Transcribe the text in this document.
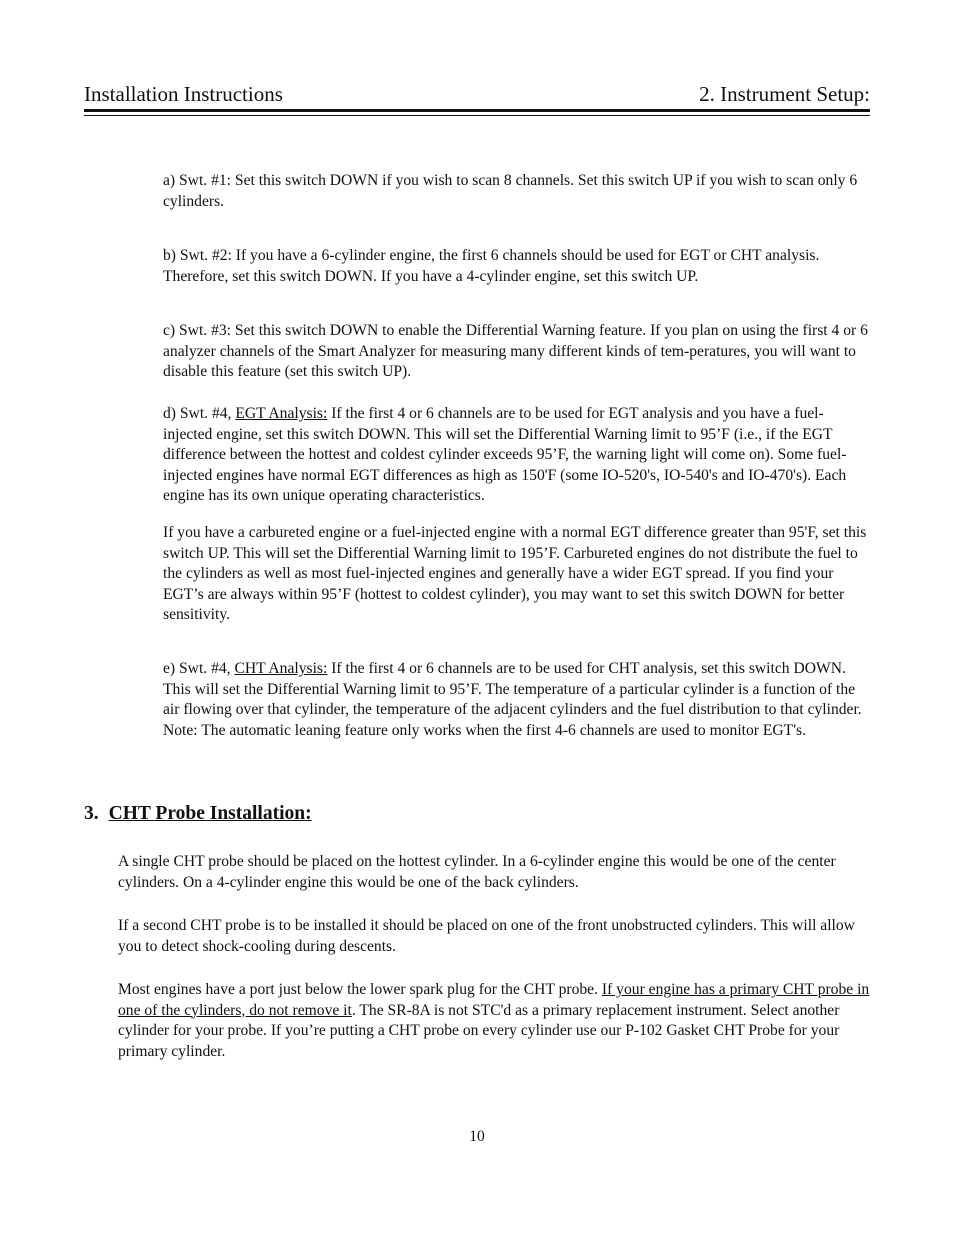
Installation Instructions	2. Instrument Setup:

a) Swt. #1: Set this switch DOWN if you wish to scan 8 channels. Set this switch UP if you wish to scan only 6 cylinders.

b) Swt. #2: If you have a 6-cylinder engine, the first 6 channels should be used for EGT or CHT analysis. Therefore, set this switch DOWN. If you have a 4-cylinder engine, set this switch UP.

c) Swt. #3: Set this switch DOWN to enable the Differential Warning feature. If you plan on using the first 4 or 6 analyzer channels of the Smart Analyzer for measuring many different kinds of tem-peratures, you will want to disable this feature (set this switch UP).

d) Swt. #4, EGT Analysis: If the first 4 or 6 channels are to be used for EGT analysis and you have a fuel-injected engine, set this switch DOWN. This will set the Differential Warning limit to 95’F (i.e., if the EGT difference between the hottest and coldest cylinder exceeds 95’F, the warning light will come on). Some fuel-injected engines have normal EGT differences as high as 150'F (some IO-520's, IO-540's and IO-470's). Each engine has its own unique operating characteristics.

If you have a carbureted engine or a fuel-injected engine with a normal EGT difference greater than 95'F, set this switch UP. This will set the Differential Warning limit to 195’F. Carbureted engines do not distribute the fuel to the cylinders as well as most fuel-injected engines and generally have a wider EGT spread. If you find your EGT’s are always within 95’F (hottest to coldest cylinder), you may want to set this switch DOWN for better sensitivity.

e) Swt. #4, CHT Analysis: If the first 4 or 6 channels are to be used for CHT analysis, set this switch DOWN. This will set the Differential Warning limit to 95’F. The temperature of a particular cylinder is a function of the air flowing over that cylinder, the temperature of the adjacent cylinders and the fuel distribution to that cylinder. Note: The automatic leaning feature only works when the first 4-6 channels are used to monitor EGT's.

3. CHT Probe Installation:

A single CHT probe should be placed on the hottest cylinder. In a 6-cylinder engine this would be one of the center cylinders. On a 4-cylinder engine this would be one of the back cylinders.

If a second CHT probe is to be installed it should be placed on one of the front unobstructed cylinders. This will allow you to detect shock-cooling during descents.

Most engines have a port just below the lower spark plug for the CHT probe. If your engine has a primary CHT probe in one of the cylinders, do not remove it. The SR-8A is not STC'd as a primary replacement instrument. Select another cylinder for your probe. If you’re putting a CHT probe on every cylinder use our P-102 Gasket CHT Probe for your primary cylinder.

10
